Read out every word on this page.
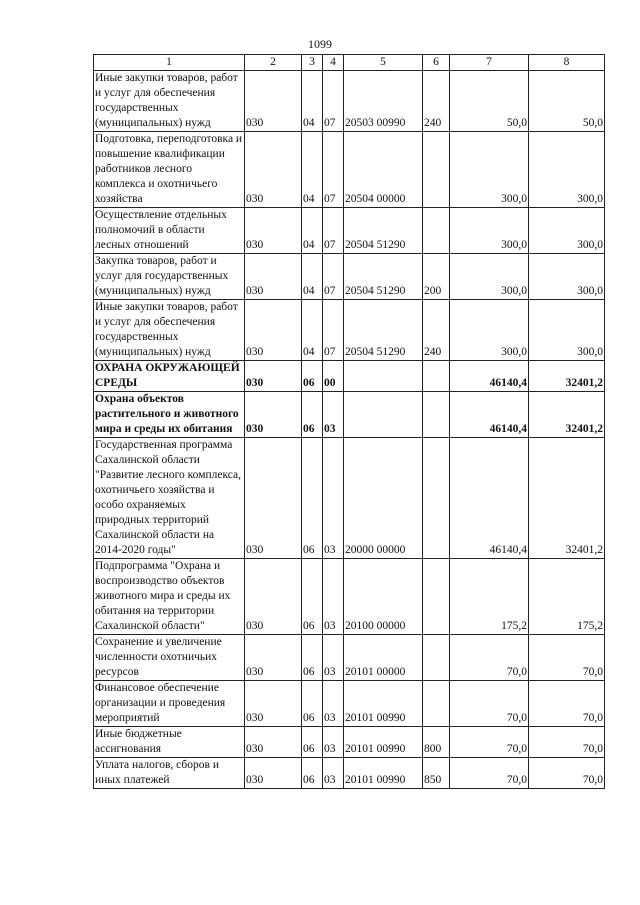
1099
1	2	3	4	5	6	7	8
Иные закупки товаров, работ и услуг для обеспечения государственных (муниципальных) нужд	030	04	07	20503 00990	240	50,0	50,0
Подготовка, переподготовка и повышение квалификации работников лесного комплекса и охотничьего хозяйства	030	04	07	20504 00000		300,0	300,0
Осуществление отдельных полномочий в области лесных отношений	030	04	07	20504 51290		300,0	300,0
Закупка товаров, работ и услуг для государственных (муниципальных) нужд	030	04	07	20504 51290	200	300,0	300,0
Иные закупки товаров, работ и услуг для обеспечения государственных (муниципальных) нужд	030	04	07	20504 51290	240	300,0	300,0
ОХРАНА ОКРУЖАЮЩЕЙ СРЕДЫ	030	06	00			46140,4	32401,2
Охрана объектов растительного и животного мира и среды их обитания	030	06	03			46140,4	32401,2
Государственная программа Сахалинской области "Развитие лесного комплекса, охотничьего хозяйства и особо охраняемых природных территорий Сахалинской области на 2014-2020 годы"	030	06	03	20000 00000		46140,4	32401,2
Подпрограмма "Охрана и воспроизводство объектов животного мира и среды их обитания на территории Сахалинской области"	030	06	03	20100 00000		175,2	175,2
Сохранение и увеличение численности охотничьих ресурсов	030	06	03	20101 00000		70,0	70,0
Финансовое обеспечение организации и проведения мероприятий	030	06	03	20101 00990		70,0	70,0
Иные бюджетные ассигнования	030	06	03	20101 00990	800	70,0	70,0
Уплата налогов, сборов и иных платежей	030	06	03	20101 00990	850	70,0	70,0
